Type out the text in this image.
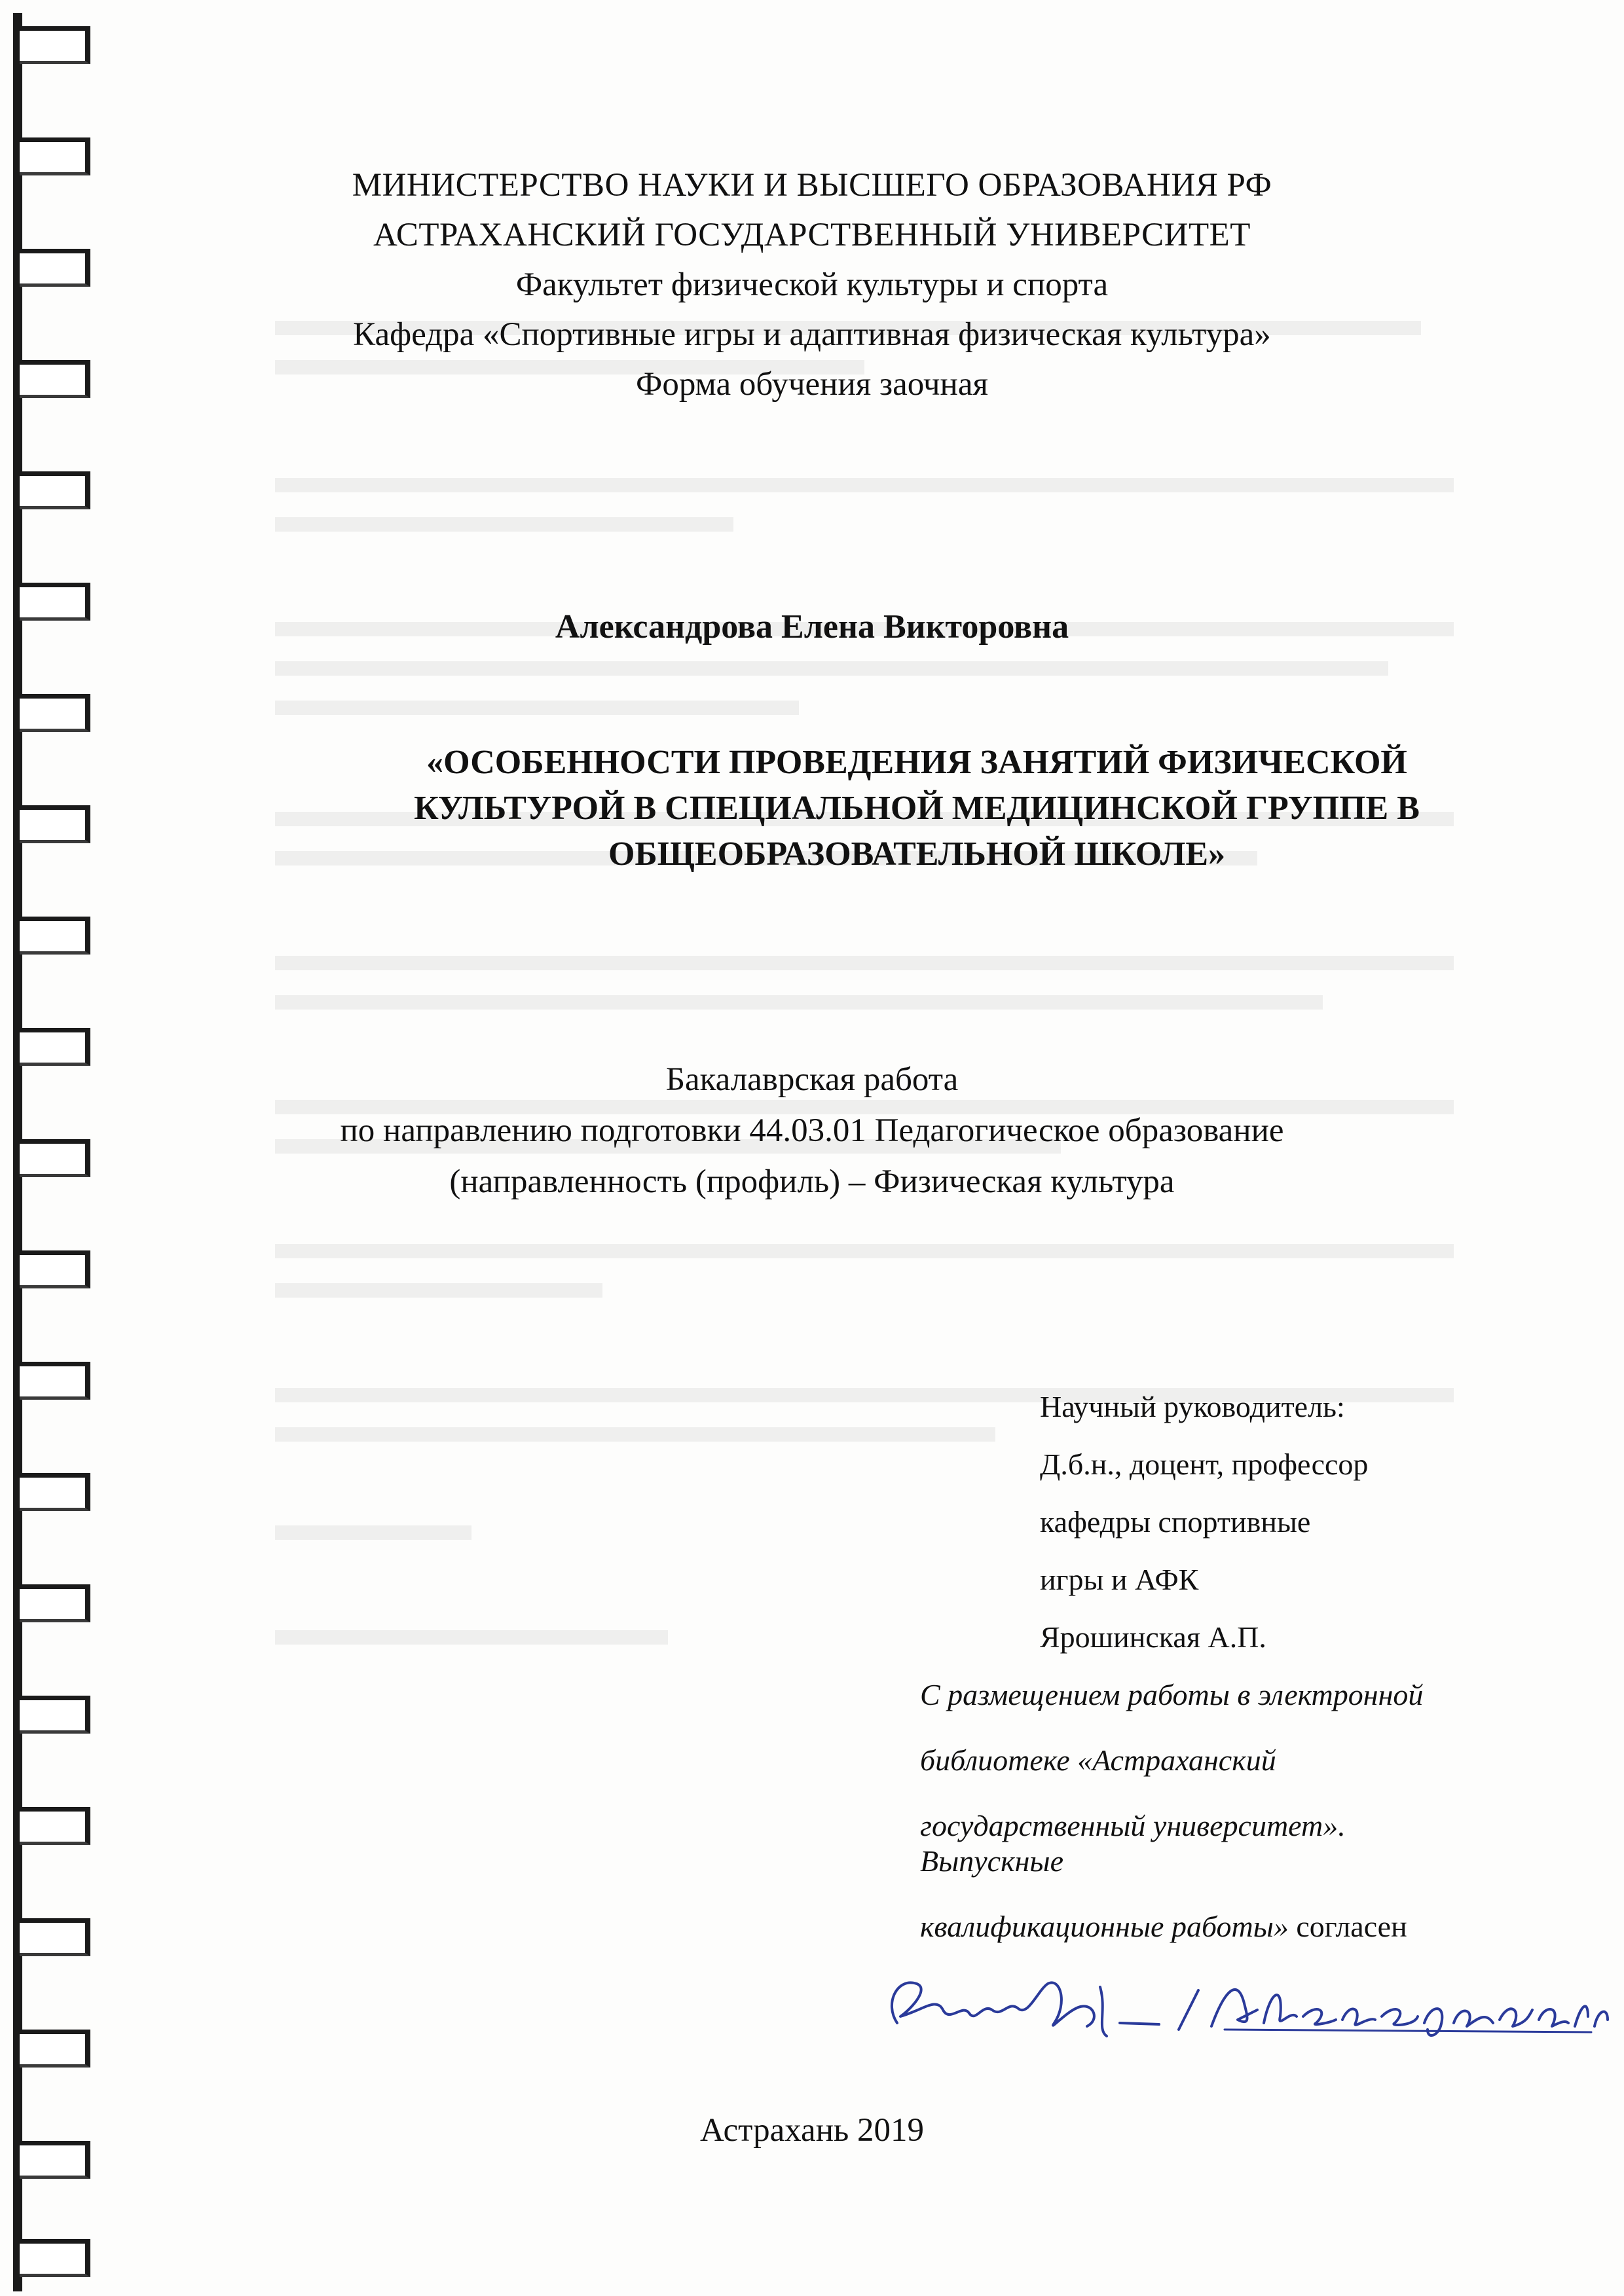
МИНИСТЕРСТВО НАУКИ И ВЫСШЕГО ОБРАЗОВАНИЯ РФ
АСТРАХАНСКИЙ ГОСУДАРСТВЕННЫЙ УНИВЕРСИТЕТ
Факультет физической культуры и спорта
Кафедра «Спортивные игры и адаптивная физическая культура»
Форма обучения заочная
Александрова Елена Викторовна
«ОСОБЕННОСТИ ПРОВЕДЕНИЯ ЗАНЯТИЙ ФИЗИЧЕСКОЙ
КУЛЬТУРОЙ В СПЕЦИАЛЬНОЙ МЕДИЦИНСКОЙ ГРУППЕ В
ОБЩЕОБРАЗОВАТЕЛЬНОЙ ШКОЛЕ»
Бакалаврская работа
по направлению подготовки 44.03.01 Педагогическое образование
(направленность (профиль) – Физическая культура
Научный руководитель:
Д.б.н., доцент, профессор
кафедры спортивные
игры и АФК
Ярошинская А.П.
С размещением работы в электронной
библиотеке «Астраханский
государственный университет».
Выпускные
квалификационные работы» согласен
Астрахань 2019
